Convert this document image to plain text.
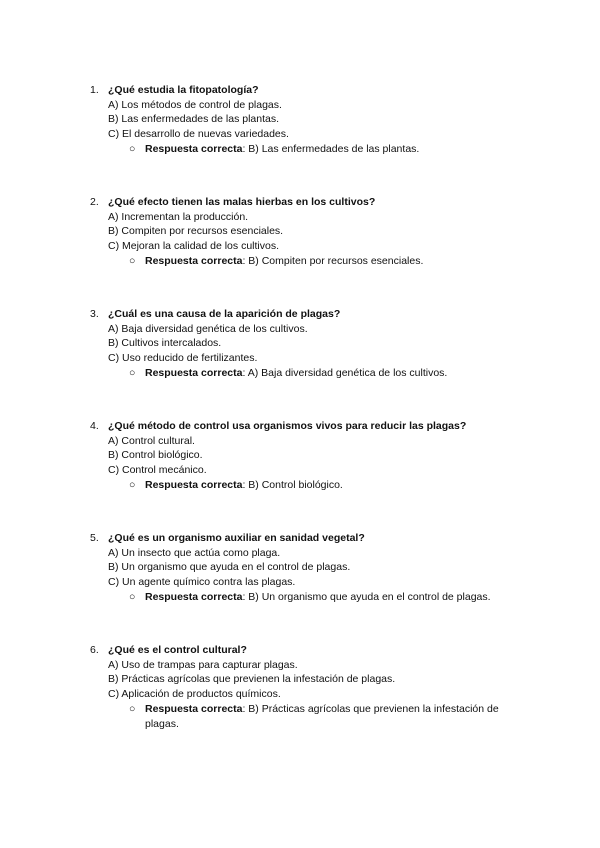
1. ¿Qué estudia la fitopatología?
A) Los métodos de control de plagas.
B) Las enfermedades de las plantas.
C) El desarrollo de nuevas variedades.
○ Respuesta correcta: B) Las enfermedades de las plantas.
2. ¿Qué efecto tienen las malas hierbas en los cultivos?
A) Incrementan la producción.
B) Compiten por recursos esenciales.
C) Mejoran la calidad de los cultivos.
○ Respuesta correcta: B) Compiten por recursos esenciales.
3. ¿Cuál es una causa de la aparición de plagas?
A) Baja diversidad genética de los cultivos.
B) Cultivos intercalados.
C) Uso reducido de fertilizantes.
○ Respuesta correcta: A) Baja diversidad genética de los cultivos.
4. ¿Qué método de control usa organismos vivos para reducir las plagas?
A) Control cultural.
B) Control biológico.
C) Control mecánico.
○ Respuesta correcta: B) Control biológico.
5. ¿Qué es un organismo auxiliar en sanidad vegetal?
A) Un insecto que actúa como plaga.
B) Un organismo que ayuda en el control de plagas.
C) Un agente químico contra las plagas.
○ Respuesta correcta: B) Un organismo que ayuda en el control de plagas.
6. ¿Qué es el control cultural?
A) Uso de trampas para capturar plagas.
B) Prácticas agrícolas que previenen la infestación de plagas.
C) Aplicación de productos químicos.
○ Respuesta correcta: B) Prácticas agrícolas que previenen la infestación de plagas.
